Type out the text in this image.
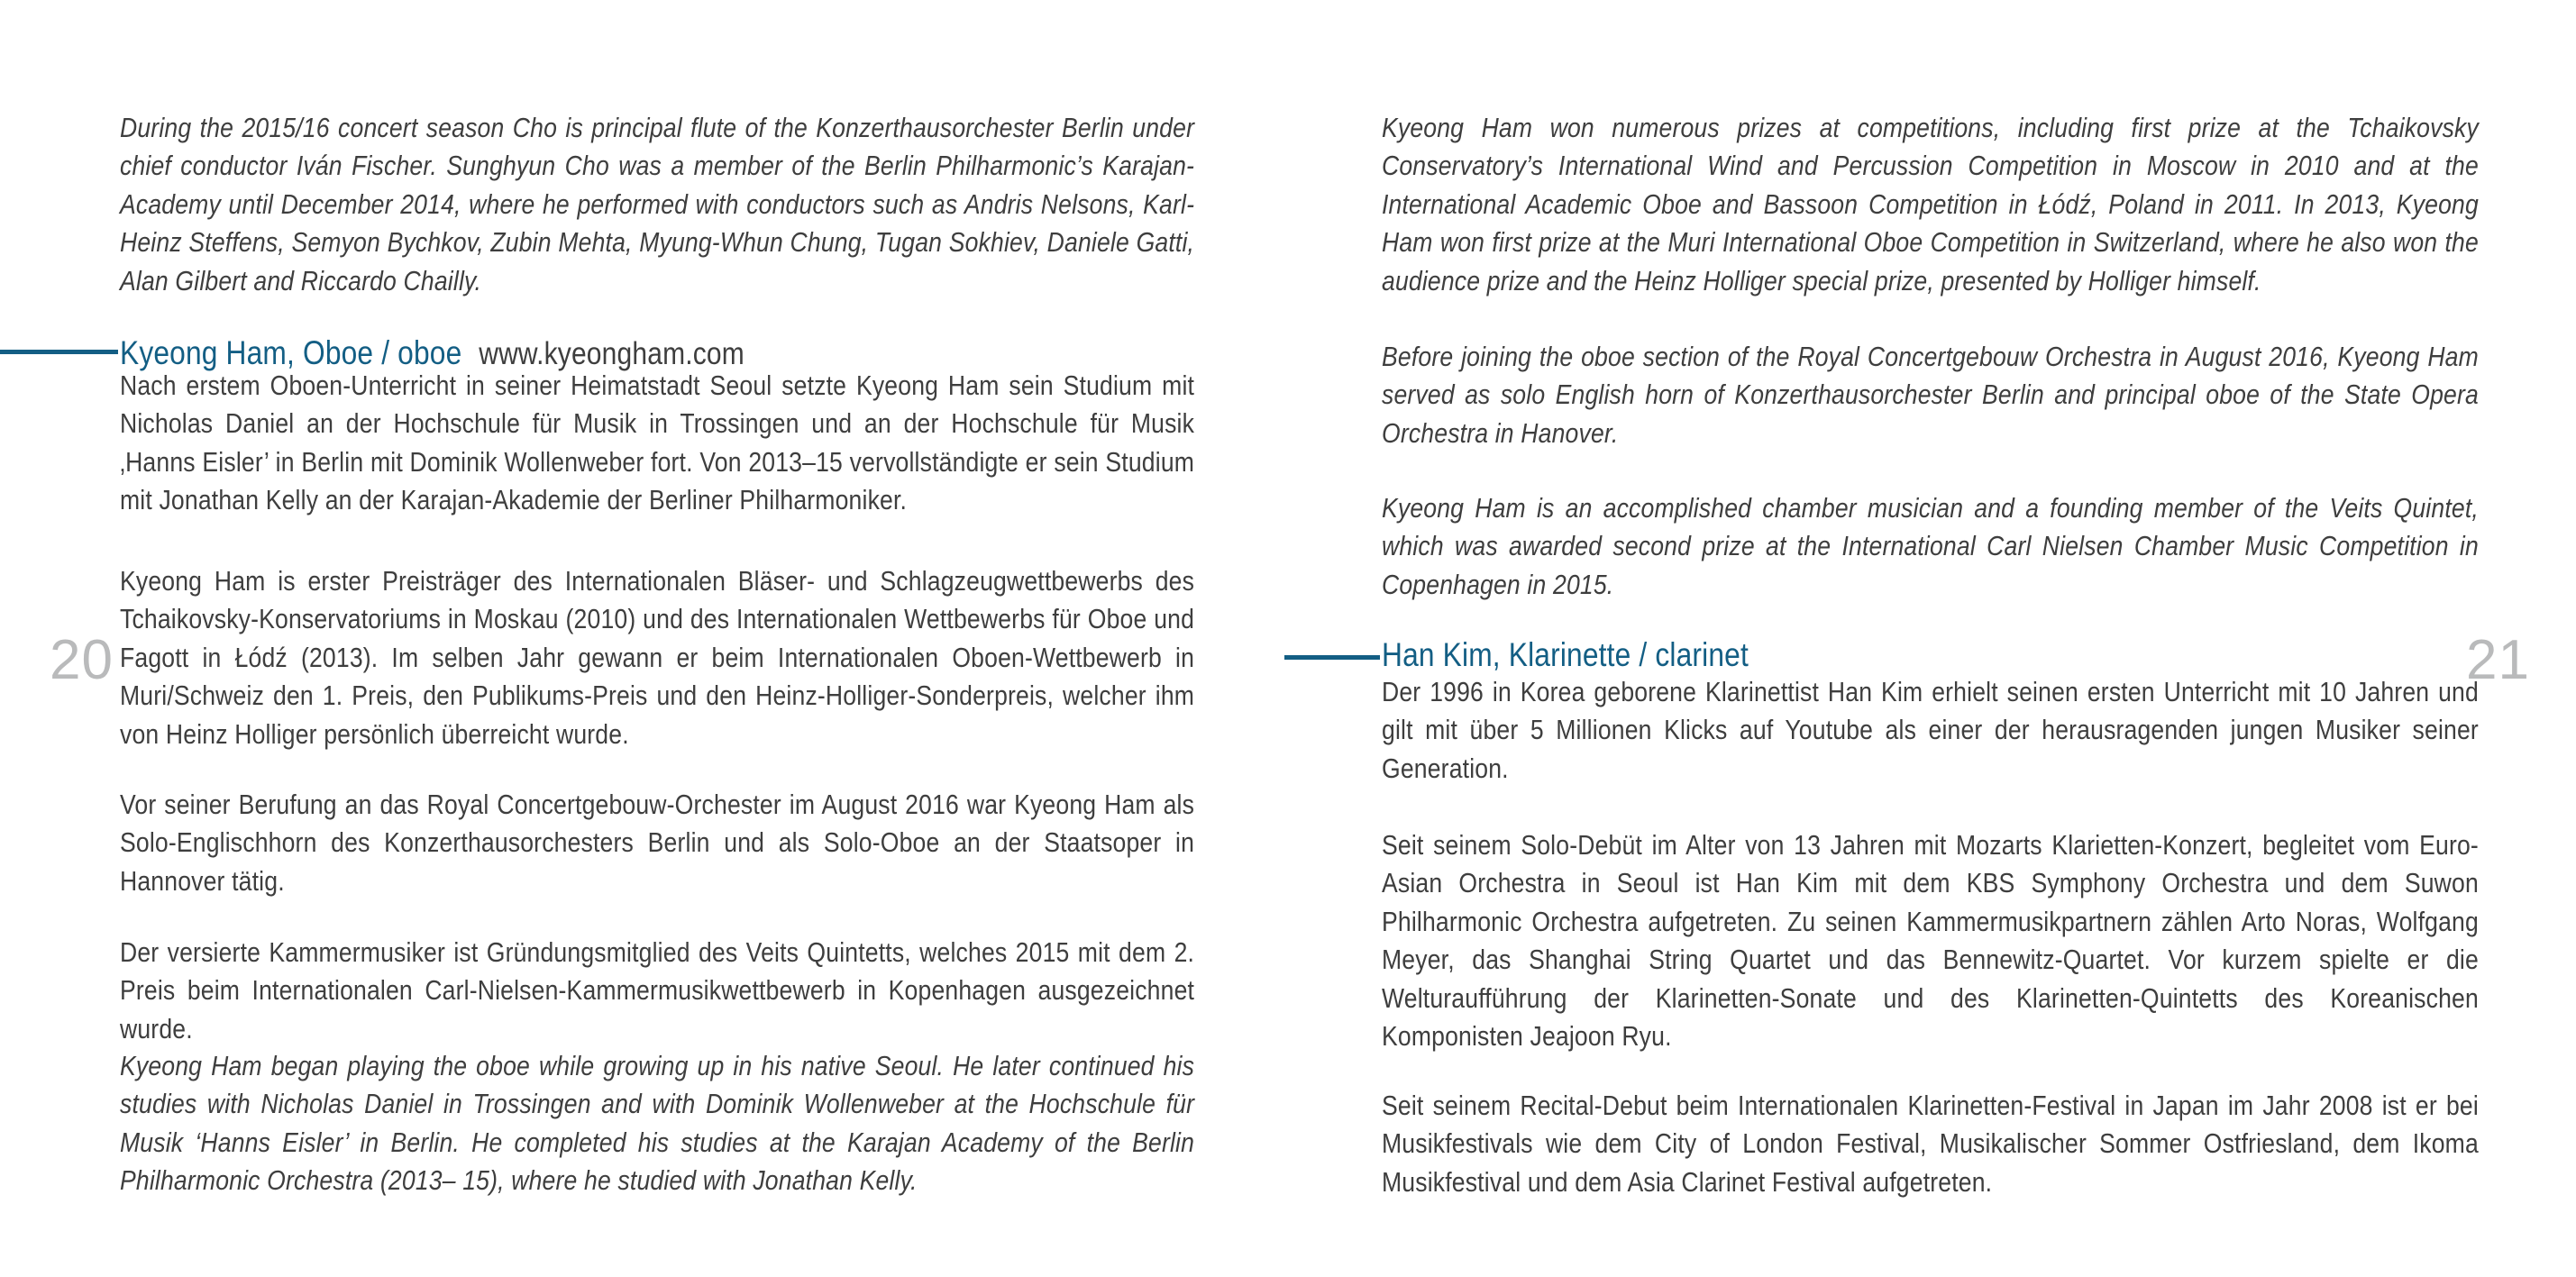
20
During the 2015/16 concert season Cho is principal flute of the Konzerthausorchester Berlin under chief conductor Iván Fischer. Sunghyun Cho was a member of the Berlin Philharmonic’s Karajan-Academy until December 2014, where he performed with conductors such as Andris Nelsons, Karl-Heinz Steffens, Semyon Bychkov, Zubin Mehta, Myung-Whun Chung, Tugan Sokhiev, Daniele Gatti, Alan Gilbert and Riccardo Chailly.
Kyeong Ham, Oboe / oboe www.kyeongham.com
Nach erstem Oboen-Unterricht in seiner Heimatstadt Seoul setzte Kyeong Ham sein Studium mit Nicholas Daniel an der Hochschule für Musik in Trossingen und an der Hochschule für Musik ‚Hanns Eisler’ in Berlin mit Dominik Wollenweber fort. Von 2013–15 vervollständigte er sein Studium mit Jonathan Kelly an der Karajan-Akademie der Berliner Philharmoniker.
Kyeong Ham is erster Preisträger des Internationalen Bläser- und Schlagzeugwettbewerbs des Tchaikovsky-Konservatoriums in Moskau (2010) und des Internationalen Wettbewerbs für Oboe und Fagott in Łódź (2013). Im selben Jahr gewann er beim Internationalen Oboen-Wettbewerb in Muri/Schweiz den 1. Preis, den Publikums-Preis und den Heinz-Holliger-Sonderpreis, welcher ihm von Heinz Holliger persönlich überreicht wurde.
Vor seiner Berufung an das Royal Concertgebouw-Orchester im August 2016 war Kyeong Ham als Solo-Englischhorn des Konzerthausorchesters Berlin und als Solo-Oboe an der Staatsoper in Hannover tätig.
Der versierte Kammermusiker ist Gründungsmitglied des Veits Quintetts, welches 2015 mit dem 2. Preis beim Internationalen Carl-Nielsen-Kammermusikwettbewerb in Kopenhagen ausgezeichnet wurde.
Kyeong Ham began playing the oboe while growing up in his native Seoul. He later continued his studies with Nicholas Daniel in Trossingen and with Dominik Wollenweber at the Hochschule für Musik ‘Hanns Eisler’ in Berlin. He completed his studies at the Karajan Academy of the Berlin Philharmonic Orchestra (2013– 15), where he studied with Jonathan Kelly.
21
Kyeong Ham won numerous prizes at competitions, including first prize at the Tchaikovsky Conservatory’s International Wind and Percussion Competition in Moscow in 2010 and at the International Academic Oboe and Bassoon Competition in Łódź, Poland in 2011. In 2013, Kyeong Ham won first prize at the Muri International Oboe Competition in Switzerland, where he also won the audience prize and the Heinz Holliger special prize, presented by Holliger himself.
Before joining the oboe section of the Royal Concertgebouw Orchestra in August 2016, Kyeong Ham served as solo English horn of Konzerthausorchester Berlin and principal oboe of the State Opera Orchestra in Hanover.
Kyeong Ham is an accomplished chamber musician and a founding member of the Veits Quintet, which was awarded second prize at the International Carl Nielsen Chamber Music Competition in Copenhagen in 2015.
Han Kim, Klarinette / clarinet
Der 1996 in Korea geborene Klarinettist Han Kim erhielt seinen ersten Unterricht mit 10 Jahren und gilt mit über 5 Millionen Klicks auf Youtube als einer der herausragenden jungen Musiker seiner Generation.
Seit seinem Solo-Debüt im Alter von 13 Jahren mit Mozarts Klarietten-Konzert, begleitet vom Euro-Asian Orchestra in Seoul ist Han Kim mit dem KBS Symphony Orchestra und dem Suwon Philharmonic Orchestra aufgetreten. Zu seinen Kammermusikpartnern zählen Arto Noras, Wolfgang Meyer, das Shanghai String Quartet und das Bennewitz-Quartet. Vor kurzem spielte er die Welturaufführung der Klarinetten-Sonate und des Klarinetten-Quintetts des Koreanischen Komponisten Jeajoon Ryu.
Seit seinem Recital-Debut beim Internationalen Klarinetten-Festival in Japan im Jahr 2008 ist er bei Musikfestivals wie dem City of London Festival, Musikalischer Sommer Ostfriesland, dem Ikoma Musikfestival und dem Asia Clarinet Festival aufgetreten.
